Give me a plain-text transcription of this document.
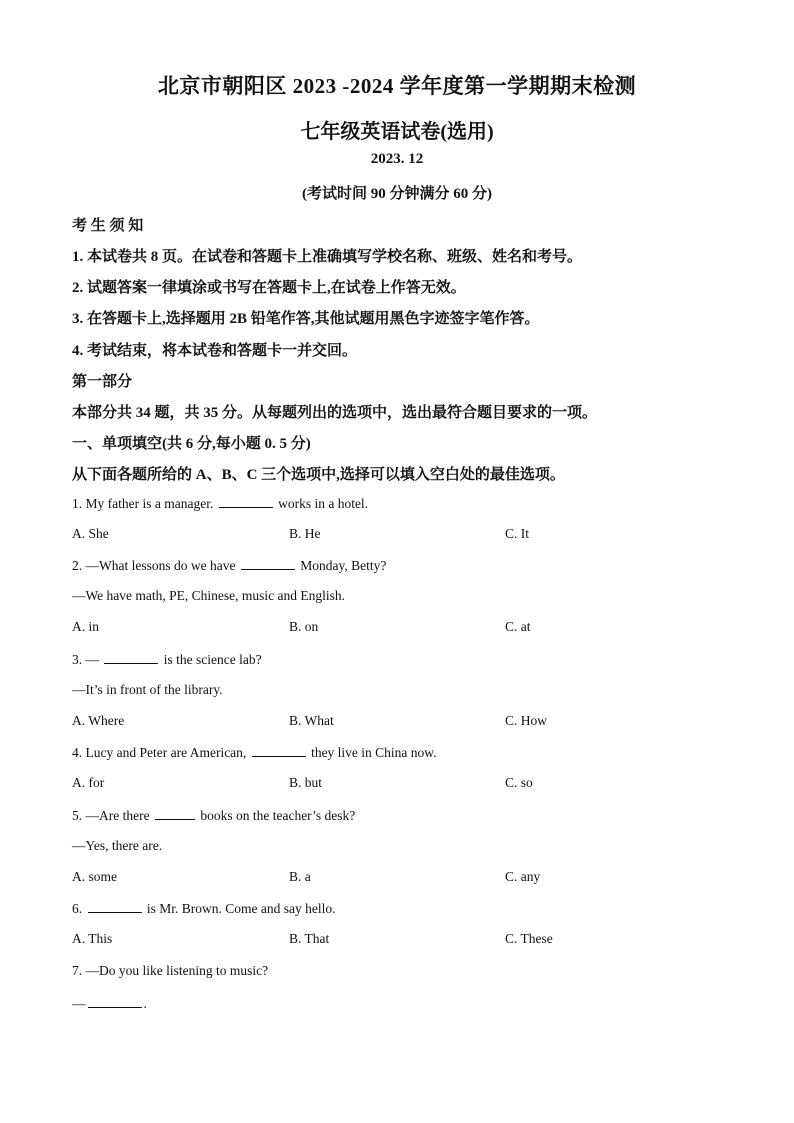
北京市朝阳区 2023 -2024 学年度第一学期期末检测
七年级英语试卷(选用)
2023. 12
(考试时间 90 分钟满分 60 分)
考 生 须 知
1. 本试卷共 8 页。在试卷和答题卡上准确填写学校名称、班级、姓名和考号。
2. 试题答案一律填涂或书写在答题卡上,在试卷上作答无效。
3. 在答题卡上,选择题用 2B 铅笔作答,其他试题用黑色字迹签字笔作答。
4. 考试结束，将本试卷和答题卡一并交回。
第一部分
本部分共 34 题，共 35 分。从每题列出的选项中，选出最符合题目要求的一项。
一、单项填空(共 6 分,每小题 0. 5 分)
从下面各题所给的 A、B、C 三个选项中,选择可以填入空白处的最佳选项。
1. My father is a manager.	works in a hotel.
A. She	B. He	C. It
2. —What lessons do we have	Monday, Betty?
—We have math, PE, Chinese, music and English.
A. in	B. on	C. at
3. —	is the science lab?
—It’s in front of the library.
A. Where	B. What	C. How
4. Lucy and Peter are American,	they live in China now.
A. for	B. but	C. so
5. —Are there	books on the teacher’s desk?
—Yes, there are.
A. some	B. a	C. any
6.	is Mr. Brown. Come and say hello.
A. This	B. That	C. These
7. —Do you like listening to music?
—	.
